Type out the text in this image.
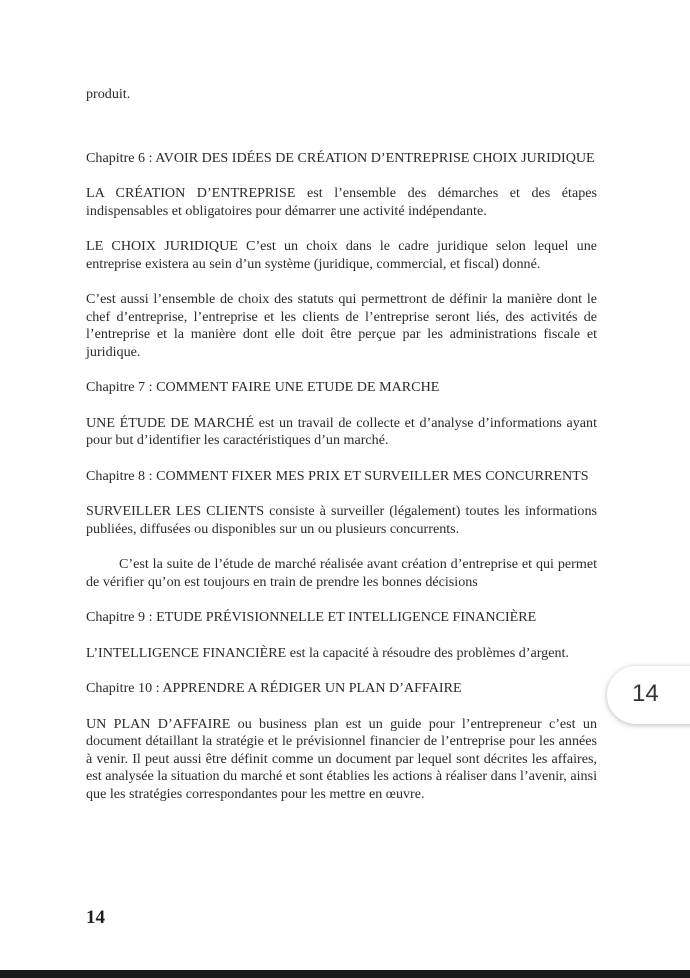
produit.

Chapitre 6 : AVOIR DES IDÉES DE CRÉATION D’ENTREPRISE CHOIX JURIDIQUE

LA CRÉATION D’ENTREPRISE est l’ensemble des démarches et des étapes indispensables et obligatoires pour démarrer une activité indépendante.

LE CHOIX JURIDIQUE C’est un choix dans le cadre juridique selon lequel une entreprise existera au sein d’un système (juridique, commercial, et fiscal) donné.

C’est aussi l’ensemble de choix des statuts qui permettront de définir la manière dont le chef d’entreprise, l’entreprise et les clients de l’entreprise seront liés, des activités de l’entreprise et la manière dont elle doit être perçue par les administrations fiscale et juridique.

Chapitre 7 : COMMENT FAIRE UNE ETUDE DE MARCHE

UNE ÉTUDE DE MARCHÉ est un travail de collecte et d’analyse d’informations ayant pour but d’identifier les caractéristiques d’un marché.

Chapitre 8 : COMMENT FIXER MES PRIX ET SURVEILLER MES CONCURRENTS

SURVEILLER LES CLIENTS consiste à surveiller (légalement) toutes les informations publiées, diffusées ou disponibles sur un ou plusieurs concurrents.

C’est la suite de l’étude de marché réalisée avant création d’entreprise et qui permet de vérifier qu’on est toujours en train de prendre les bonnes décisions

Chapitre 9 : ETUDE PRÉVISIONNELLE ET INTELLIGENCE FINANCIÈRE

L’INTELLIGENCE FINANCIÈRE est la capacité à résoudre des problèmes d’argent.

Chapitre 10 : APPRENDRE A RÉDIGER UN PLAN D’AFFAIRE

UN PLAN D’AFFAIRE ou business plan est un guide pour l’entrepreneur c’est un document détaillant la stratégie et le prévisionnel financier de l’entreprise pour les années à venir. Il peut aussi être définit comme un document par lequel sont décrites les affaires, est analysée la situation du marché et sont établies les actions à réaliser dans l’avenir, ainsi que les stratégies correspondantes pour les mettre en œuvre.

14
14
